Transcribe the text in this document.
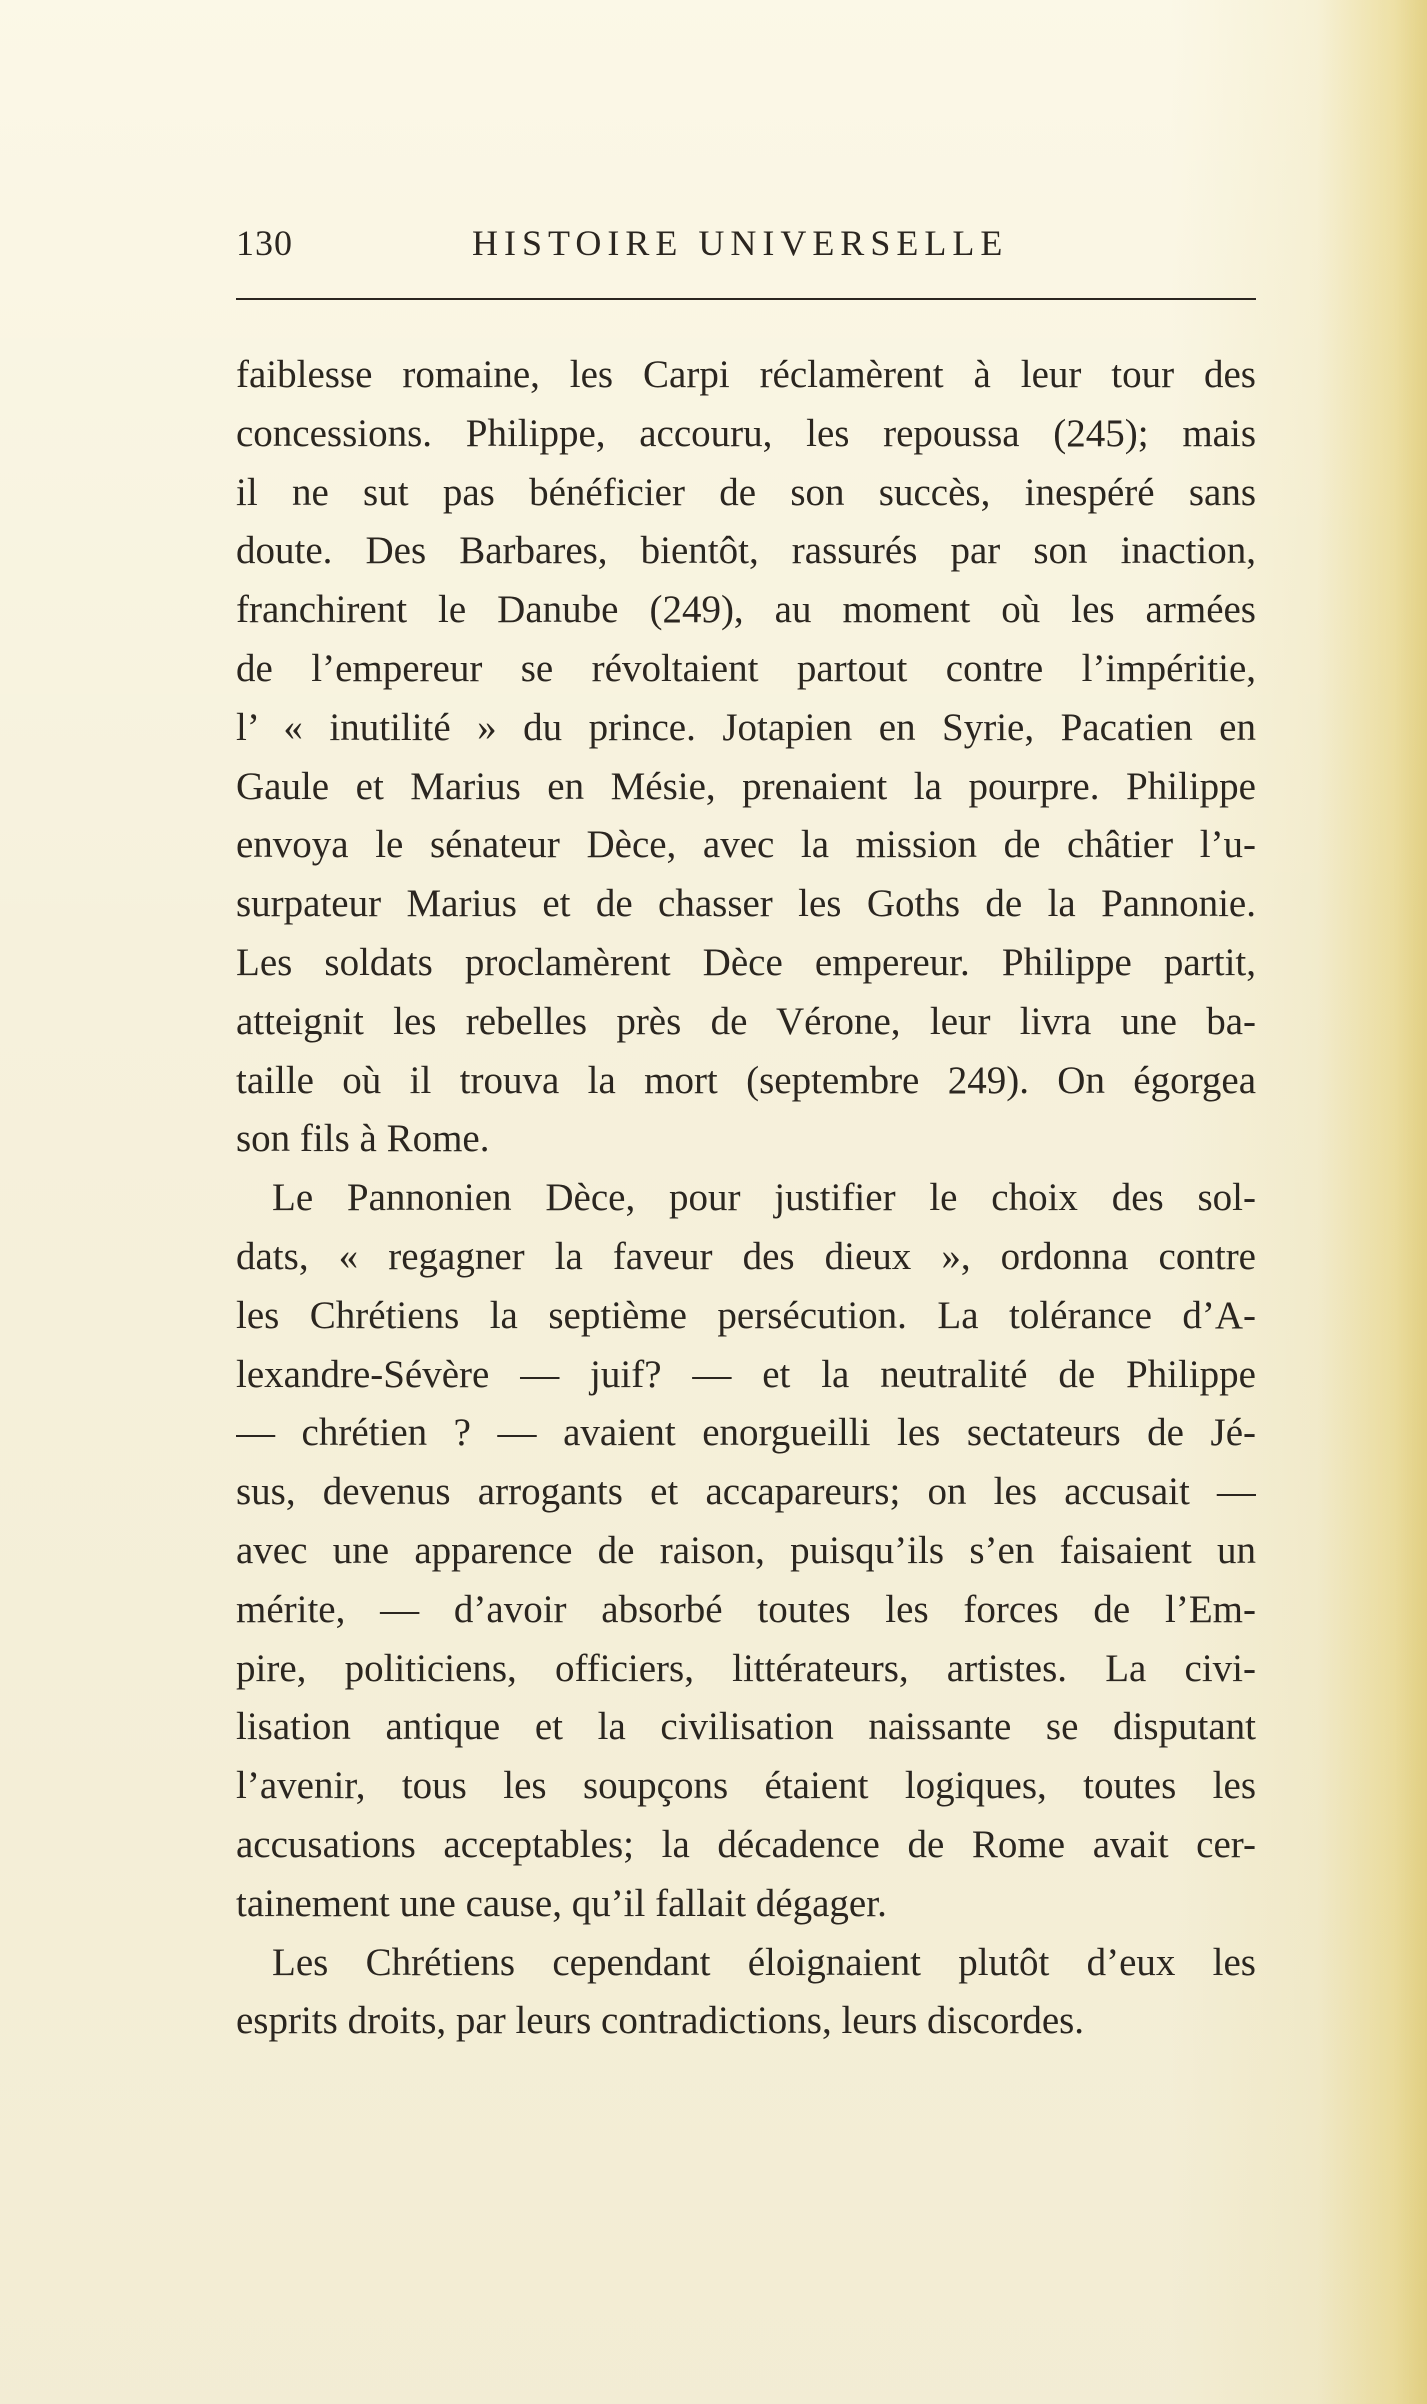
130	HISTOIRE UNIVERSELLE
faiblesse romaine, les Carpi réclamèrent à leur tour des
concessions. Philippe, accouru, les repoussa (245); mais
il ne sut pas bénéficier de son succès, inespéré sans
doute. Des Barbares, bientôt, rassurés par son inaction,
franchirent le Danube (249), au moment où les armées
de l’empereur se révoltaient partout contre l’impéritie,
l’ « inutilité » du prince. Jotapien en Syrie, Pacatien en
Gaule et Marius en Mésie, prenaient la pourpre. Philippe
envoya le sénateur Dèce, avec la mission de châtier l’u-
surpateur Marius et de chasser les Goths de la Pannonie.
Les soldats proclamèrent Dèce empereur. Philippe partit,
atteignit les rebelles près de Vérone, leur livra une ba-
taille où il trouva la mort (septembre 249). On égorgea
son fils à Rome.
Le Pannonien Dèce, pour justifier le choix des sol-
dats, « regagner la faveur des dieux », ordonna contre
les Chrétiens la septième persécution. La tolérance d’A-
lexandre-Sévère — juif? — et la neutralité de Philippe
— chrétien ? — avaient enorgueilli les sectateurs de Jé-
sus, devenus arrogants et accapareurs; on les accusait —
avec une apparence de raison, puisqu’ils s’en faisaient un
mérite, — d’avoir absorbé toutes les forces de l’Em-
pire, politiciens, officiers, littérateurs, artistes. La civi-
lisation antique et la civilisation naissante se disputant
l’avenir, tous les soupçons étaient logiques, toutes les
accusations acceptables; la décadence de Rome avait cer-
tainement une cause, qu’il fallait dégager.
Les Chrétiens cependant éloignaient plutôt d’eux les
esprits droits, par leurs contradictions, leurs discordes.
